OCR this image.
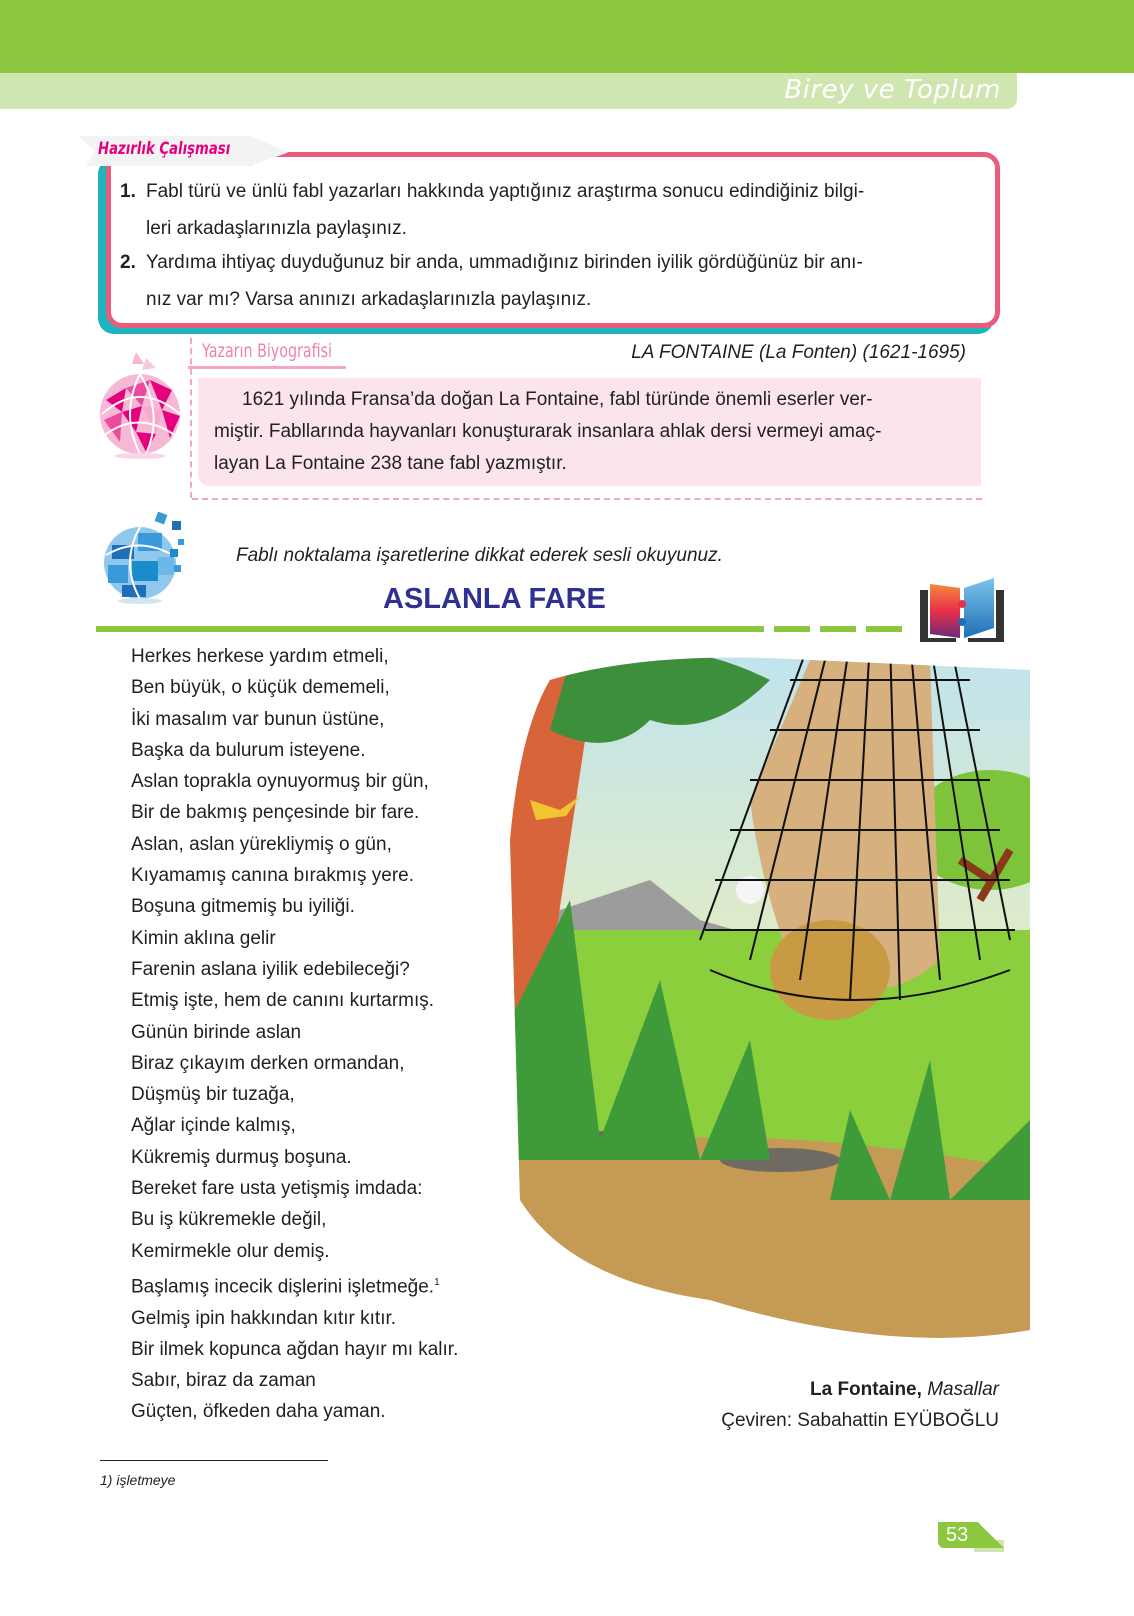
Birey ve Toplum
Hazırlık Çalışması
1. Fabl türü ve ünlü fabl yazarları hakkında yaptığınız araştırma sonucu edindiğiniz bilgi-
leri arkadaşlarınızla paylaşınız.
2. Yardıma ihtiyaç duyduğunuz bir anda, ummadığınız birinden iyilik gördüğünüz bir anı-
nız var mı? Varsa anınızı arkadaşlarınızla paylaşınız.
Yazarın Biyografisi	LA FONTAINE (La Fonten) (1621-1695)
1621 yılında Fransa’da doğan La Fontaine, fabl türünde önemli eserler ver-
miştir. Fabllarında hayvanları konuşturarak insanlara ahlak dersi vermeyi amaç-
layan La Fontaine 238 tane fabl yazmıştır.
Fablı noktalama işaretlerine dikkat ederek sesli okuyunuz.
ASLANLA FARE
Herkes herkese yardım etmeli,
Ben büyük, o küçük dememeli,
İki masalım var bunun üstüne,
Başka da bulurum isteyene.
Aslan toprakla oynuyormuş bir gün,
Bir de bakmış pençesinde bir fare.
Aslan, aslan yürekliymiş o gün,
Kıyamamış canına bırakmış yere.
Boşuna gitmemiş bu iyiliği.
Kimin aklına gelir
Farenin aslana iyilik edebileceği?
Etmiş işte, hem de canını kurtarmış.
Günün birinde aslan
Biraz çıkayım derken ormandan,
Düşmüş bir tuzağa,
Ağlar içinde kalmış,
Kükremiş durmuş boşuna.
Bereket fare usta yetişmiş imdada:
Bu iş kükremekle değil,
Kemirmekle olur demiş.
Başlamış incecik dişlerini işletmeğe.$^1$
Gelmiş ipin hakkından kıtır kıtır.
Bir ilmek kopunca ağdan hayır mı kalır.
Sabır, biraz da zaman
Güçten, öfkeden daha yaman.
La Fontaine, Masallar
Çeviren: Sabahattin EYÜBOĞLU
1) işletmeye
53
